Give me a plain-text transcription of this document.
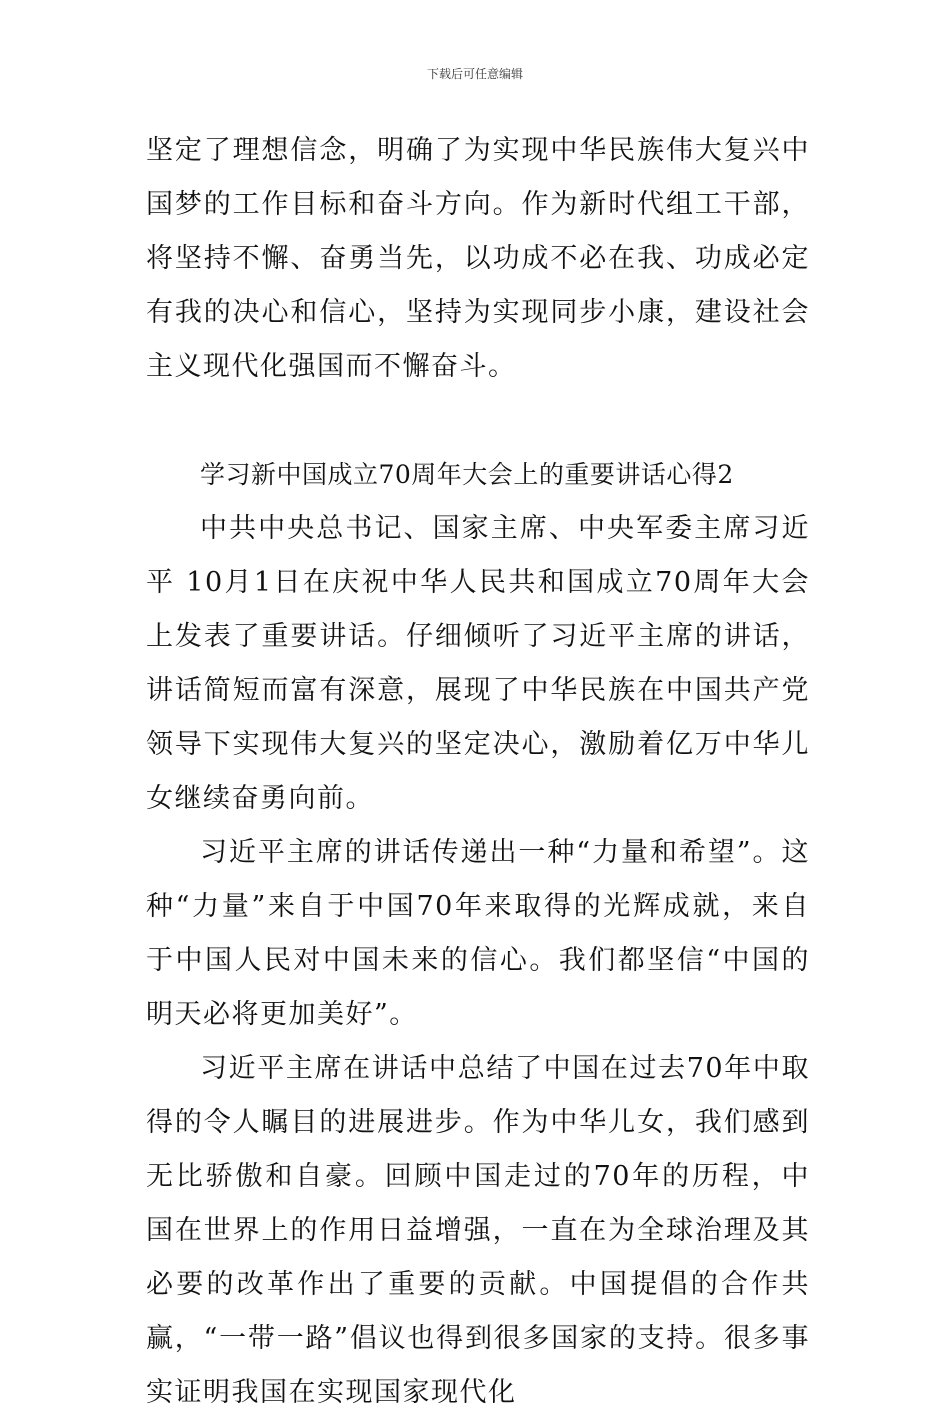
下载后可任意编辑

坚定了理想信念，明确了为实现中华民族伟大复兴中国梦的工作目标和奋斗方向。作为新时代组工干部，将坚持不懈、奋勇当先，以功成不必在我、功成必定有我的决心和信心，坚持为实现同步小康，建设社会主义现代化强国而不懈奋斗。

学习新中国成立70周年大会上的重要讲话心得2

中共中央总书记、国家主席、中央军委主席习近平 10月1日在庆祝中华人民共和国成立70周年大会上发表了重要讲话。仔细倾听了习近平主席的讲话，讲话简短而富有深意，展现了中华民族在中国共产党领导下实现伟大复兴的坚定决心，激励着亿万中华儿女继续奋勇向前。

习近平主席的讲话传递出一种“力量和希望”。这种“力量”来自于中国70年来取得的光辉成就，来自于中国人民对中国未来的信心。我们都坚信“中国的明天必将更加美好”。

习近平主席在讲话中总结了中国在过去70年中取得的令人瞩目的进展进步。作为中华儿女，我们感到无比骄傲和自豪。回顾中国走过的70年的历程，中国在世界上的作用日益增强，一直在为全球治理及其必要的改革作出了重要的贡献。中国提倡的合作共赢，“一带一路”倡议也得到很多国家的支持。很多事实证明我国在实现国家现代化
